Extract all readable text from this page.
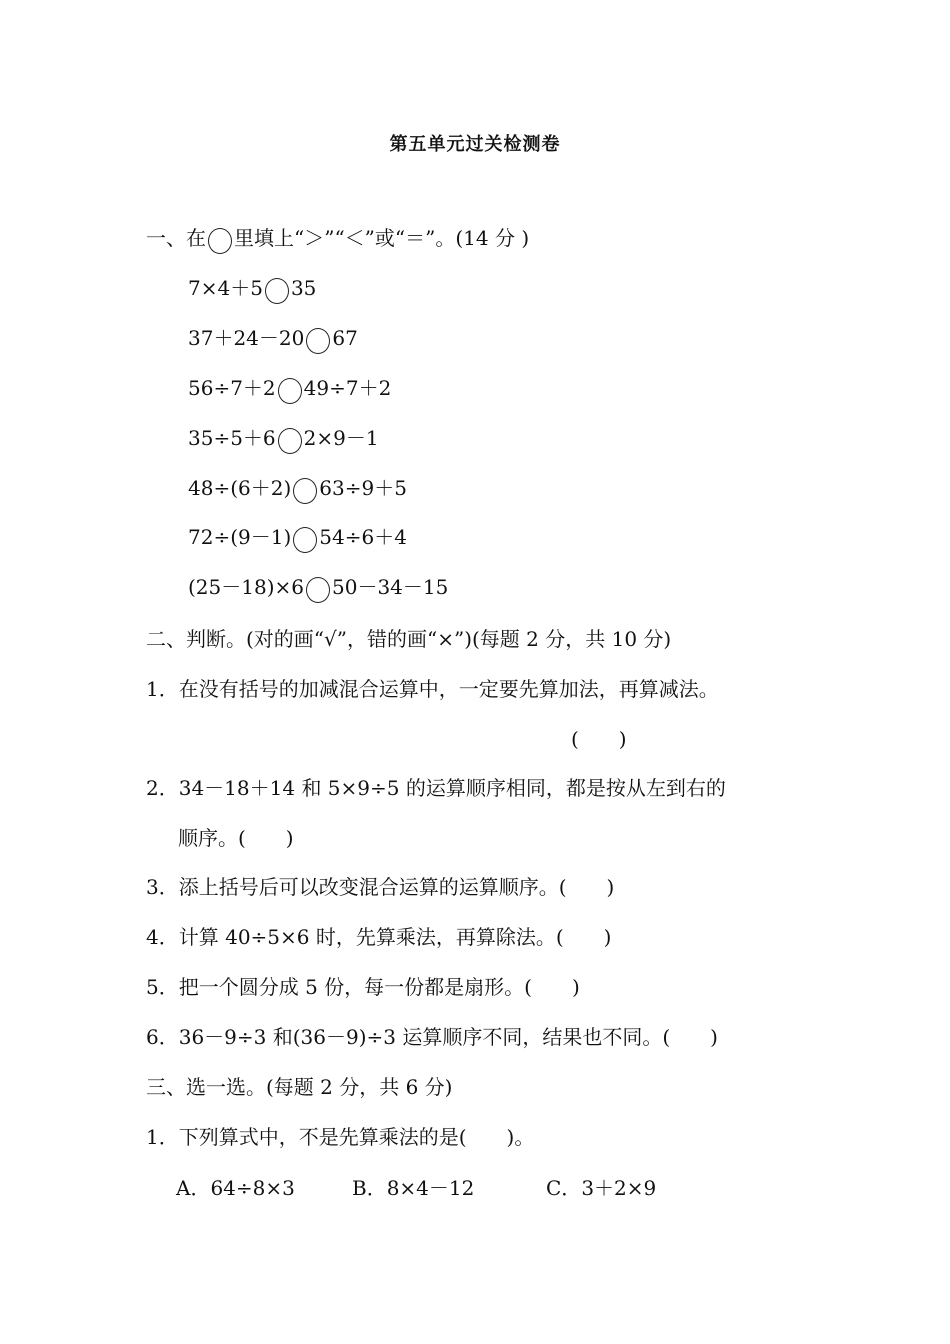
第五单元过关检测卷
一、在 里填上“＞”“＜”或“＝”。(14 分 )
7×4＋5 35
37＋24－20 67
56÷7＋2 49÷7＋2
35÷5＋6 2×9－1
48÷(6＋2) 63÷9＋5
72÷(9－1) 54÷6＋4
(25－18)×6 50－34－15
二、判断。(对的画“√”，错的画“×”)(每题 2 分，共 10 分)
1．在没有括号的加减混合运算中，一定要先算加法，再算减法。
(　　)
2．34－18＋14 和 5×9÷5 的运算顺序相同，都是按从左到右的
顺序。(　　)
3．添上括号后可以改变混合运算的运算顺序。(　　)
4．计算 40÷5×6 时，先算乘法，再算除法。(　　)
5．把一个圆分成 5 份，每一份都是扇形。(　　)
6．36－9÷3 和(36－9)÷3 运算顺序不同，结果也不同。(　　)
三、选一选。(每题 2 分，共 6 分)
1．下列算式中，不是先算乘法的是(　　)。
A．64÷8×3	B．8×4－12	C．3＋2×9
